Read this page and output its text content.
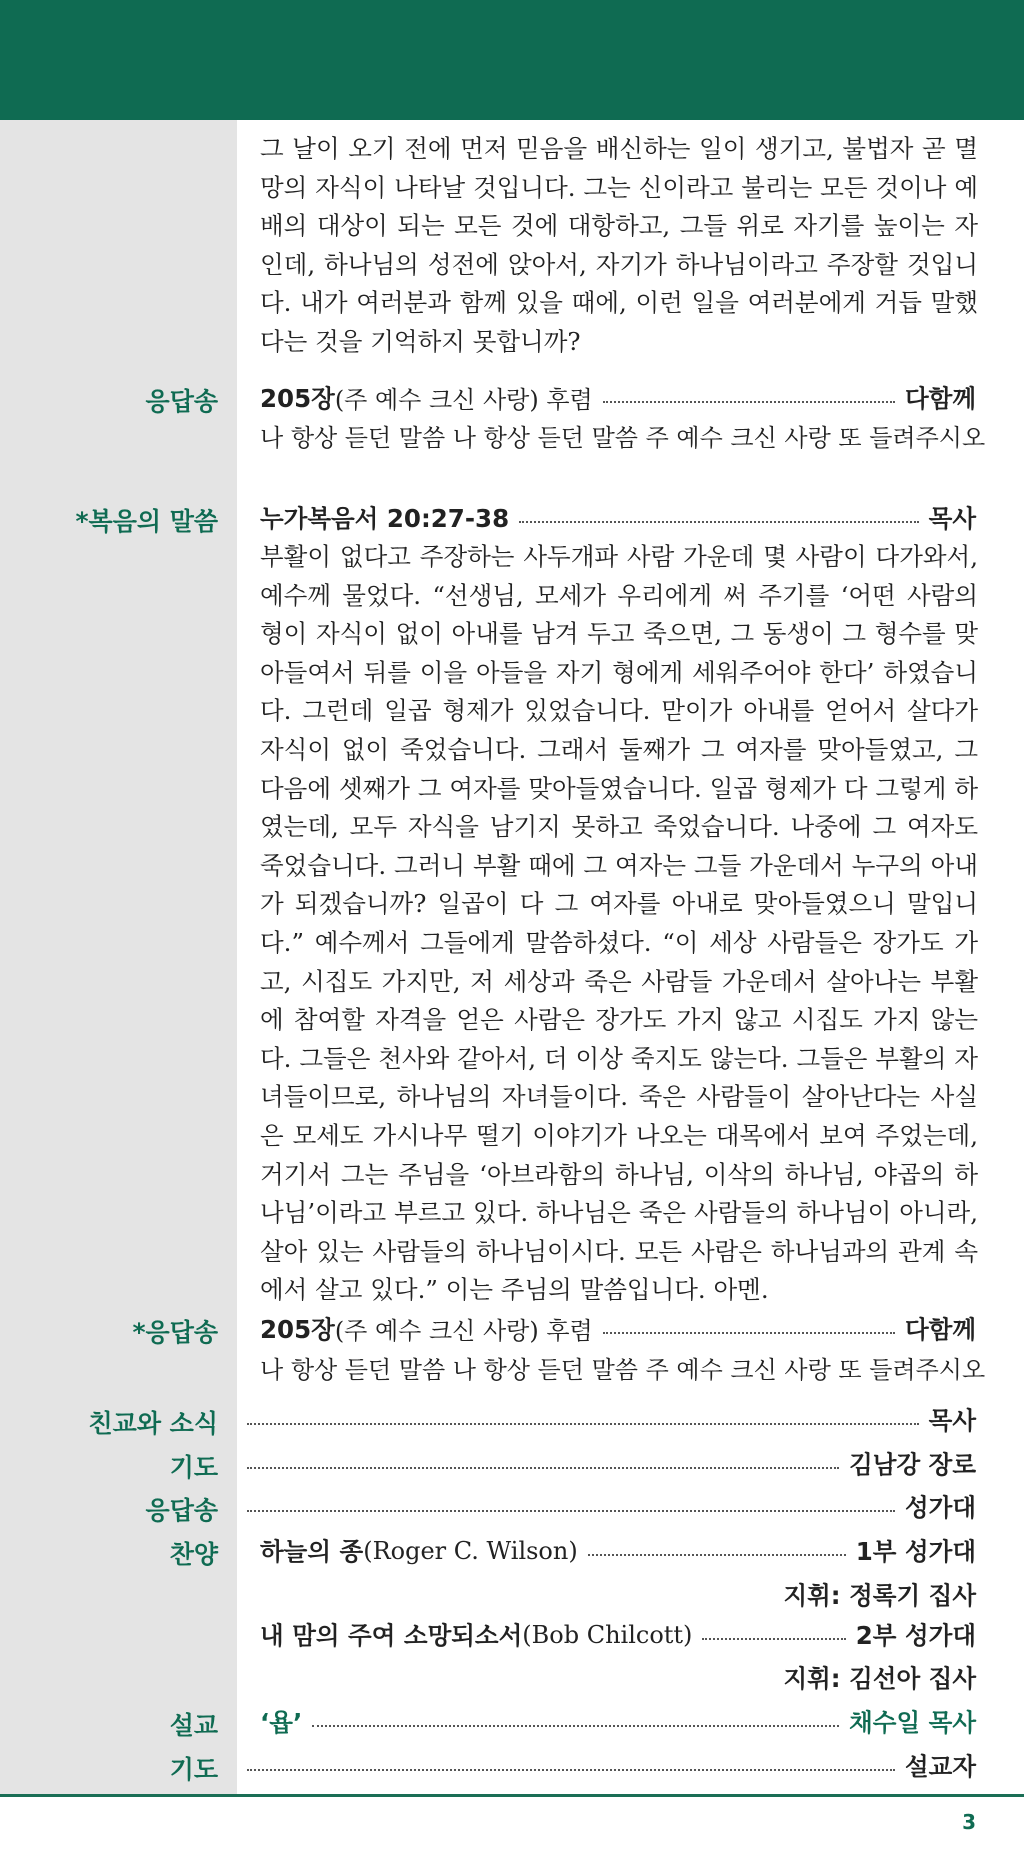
그 날이 오기 전에 먼저 믿음을 배신하는 일이 생기고, 불법자 곧 멸망의 자식이 나타날 것입니다. 그는 신이라고 불리는 모든 것이나 예배의 대상이 되는 모든 것에 대항하고, 그들 위로 자기를 높이는 자인데, 하나님의 성전에 앉아서, 자기가 하나님이라고 주장할 것입니다. 내가 여러분과 함께 있을 때에, 이런 일을 여러분에게 거듭 말했다는 것을 기억하지 못합니까?

응답송 205장 (주 예수 크신 사랑) 후렴	다함께
나 항상 듣던 말씀 나 항상 듣던 말씀 주 예수 크신 사랑 또 들려주시오
*복음의 말씀 누가복음서 20:27-38	목사

부활이 없다고 주장하는 사두개파 사람 가운데 몇 사람이 다가와서, 예수께 물었다. “선생님, 모세가 우리에게 써 주기를 ‘어떤 사람의 형이 자식이 없이 아내를 남겨 두고 죽으면, 그 동생이 그 형수를 맞아들여서 뒤를 이을 아들을 자기 형에게 세워주어야 한다’ 하였습니다. 그런데 일곱 형제가 있었습니다. 맏이가 아내를 얻어서 살다가 자식이 없이 죽었습니다. 그래서 둘째가 그 여자를 맞아들였고, 그 다음에 셋째가 그 여자를 맞아들였습니다. 일곱 형제가 다 그렇게 하였는데, 모두 자식을 남기지 못하고 죽었습니다. 나중에 그 여자도 죽었습니다. 그러니 부활 때에 그 여자는 그들 가운데서 누구의 아내가 되겠습니까? 일곱이 다 그 여자를 아내로 맞아들였으니 말입니다.” 예수께서 그들에게 말씀하셨다. “이 세상 사람들은 장가도 가고, 시집도 가지만, 저 세상과 죽은 사람들 가운데서 살아나는 부활에 참여할 자격을 얻은 사람은 장가도 가지 않고 시집도 가지 않는다. 그들은 천사와 같아서, 더 이상 죽지도 않는다. 그들은 부활의 자녀들이므로, 하나님의 자녀들이다. 죽은 사람들이 살아난다는 사실은 모세도 가시나무 떨기 이야기가 나오는 대목에서 보여 주었는데, 거기서 그는 주님을 ‘아브라함의 하나님, 이삭의 하나님, 야곱의 하나님’이라고 부르고 있다. 하나님은 죽은 사람들의 하나님이 아니라, 살아 있는 사람들의 하나님이시다. 모든 사람은 하나님과의 관계 속에서 살고 있다.” 이는 주님의 말씀입니다. 아멘.

*응답송 205장 (주 예수 크신 사랑) 후렴	다함께
나 항상 듣던 말씀 나 항상 듣던 말씀 주 예수 크신 사랑 또 들려주시오
친교와 소식	목사
기도	김남강 장로
응답송	성가대
찬양 하늘의 종 (Roger C. Wilson)	1부 성가대
지휘: 정록기 집사
내 맘의 주여 소망되소서 (Bob Chilcott)	2부 성가대
지휘: 김선아 집사
설교 ‘욥’	채수일 목사
기도	설교자
3
